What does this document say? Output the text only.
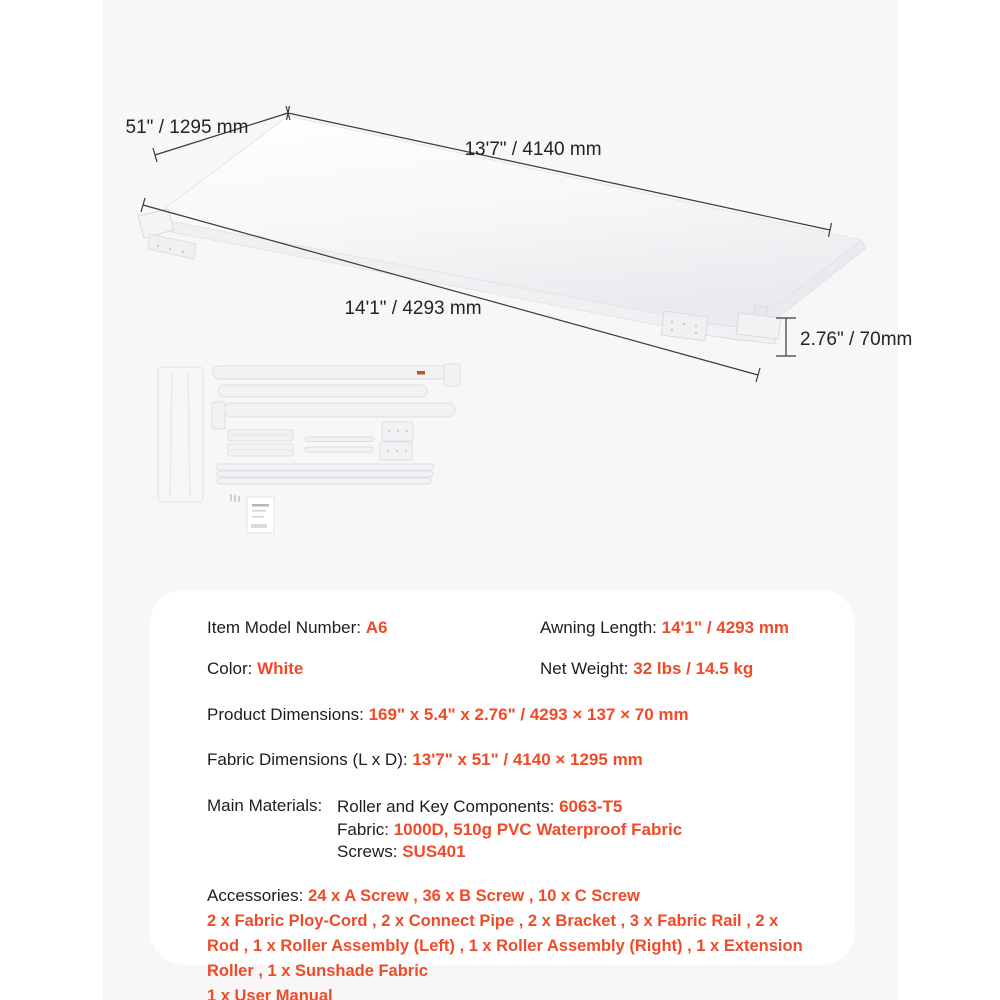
51" / 1295 mm
13'7" / 4140 mm
14'1" / 4293 mm
2.76" / 70mm
Item Model Number: A6	Awning Length: 14'1" / 4293 mm
Color: White	Net Weight: 32 lbs / 14.5 kg
Product Dimensions: 169" x 5.4" x 2.76" / 4293 × 137 × 70 mm
Fabric Dimensions (L x D): 13'7" x 51" / 4140 × 1295 mm
Main Materials: Roller and Key Components: 6063-T5
Fabric: 1000D, 510g PVC Waterproof Fabric
Screws: SUS401
Accessories: 24 x A Screw , 36 x B Screw , 10 x C Screw
2 x Fabric Ploy-Cord , 2 x Connect Pipe , 2 x Bracket , 3 x Fabric Rail , 2 x Rod , 1 x Roller Assembly (Left) , 1 x Roller Assembly (Right) , 1 x Extension Roller , 1 x Sunshade Fabric
1 x User Manual
